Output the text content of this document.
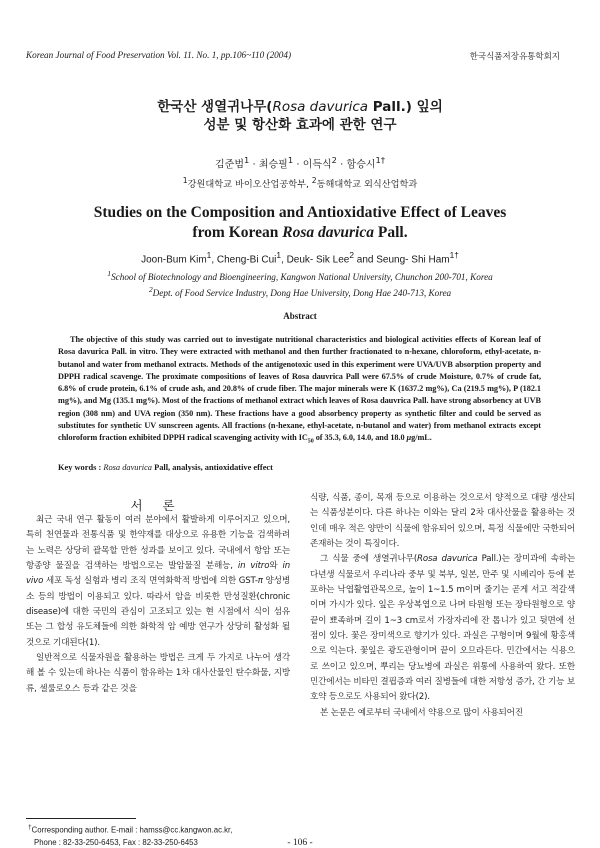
Korean Journal of Food Preservation Vol. 11. No. 1, pp.106~110 (2004)	한국식품저장유통학회지
한국산 생열귀나무(Rosa davurica Pall.) 잎의
성분 및 항산화 효과에 관한 연구
김준범$^1$ · 최승필$^1$ · 이득식$^2$ · 함승시$^{1\dagger}$
$^1$강원대학교 바이오산업공학부, $^2$동해대학교 외식산업학과
Studies on the Composition and Antioxidative Effect of Leaves
from Korean Rosa davurica Pall.
Joon-Bum Kim$^1$, Cheng-Bi Cui$^1$, Deuk- Sik Lee$^2$ and Seung- Shi Ham$^{1\dagger}$
$^1$School of Biotechnology and Bioengineering, Kangwon National University, Chunchon 200-701, Korea
$^2$Dept. of Food Service Industry, Dong Hae University, Dong Hae 240-713, Korea
Abstract
The objective of this study was carried out to investigate nutritional characteristics and biological activities effects of Korean leaf of Rosa davurica Pall. in vitro. They were extracted with methanol and then further fractionated to n-hexane, chloroform, ethyl-acetate, n-butanol and water from methanol extracts. Methods of the antigenotoxic used in this experiment were UVA/UVB absorption property and DPPH radical scavenge. The proximate compositions of leaves of Rosa dauvrica Pall were 67.5% of crude Moisture, 0.7% of crude fat, 6.8% of crude protein, 6.1% of crude ash, and 20.8% of crude fiber. The major minerals were K (1637.2 mg%), Ca (219.5 mg%), P (182.1 mg%), and Mg (135.1 mg%). Most of the fractions of methanol extract which leaves of Rosa dauvrica Pall. have strong absorbency at UVB region (308 nm) and UVA region (350 nm). These fractions have a good absorbency property as synthetic filter and could be served as substitutes for synthetic UV sunscreen agents. All fractions (n-hexane, ethyl-acetate, n-butanol and water) from methanol extracts except chloroform fraction exhibited DPPH radical scavenging activity with $IC_{50}$ of 35.3, 6.0, 14.0, and 18.0 μg/mL.
Key words : Rosa davurica Pall, analysis, antioxidative effect
서 론

최근 국내 연구 활동이 여러 분야에서 활발하게 이루어지고 있으며, 특히 천연물과 전통식품 및 한약재를 대상으로 유용한 기능을 검색하려는 노력은 상당히 괄목할 만한 성과를 보이고 있다. 국내에서 항암 또는 항종양 물질을 검색하는 방법으로는 발암물질 분해능, in vitro와 in vivo 세포 독성 실험과 병리 조직 면역화학적 방법에 의한 GST-π 양성병소 등의 방법이 이용되고 있다. 따라서 암을 비롯한 만성질환(chronic disease)에 대한 국민의 관심이 고조되고 있는 현 시점에서 식이 섬유 또는 그 합성 유도체들에 의한 화학적 암 예방 연구가 상당히 활성화 될 것으로 기대된다(1).

일반적으로 식물자원을 활용하는 방법은 크게 두 가지로 나누어 생각해 볼 수 있는데 하나는 식품이 함유하는 1차 대사산물인 탄수화물, 지방류, 셀룰로오스 등과 같은 것을

식량, 식품, 종이, 목재 등으로 이용하는 것으로서 양적으로 대량 생산되는 식품성분이다. 다른 하나는 이와는 달리 2차 대사산물을 활용하는 것인데 매우 적은 양만이 식물에 함유되어 있으며, 특정 식물에만 국한되어 존재하는 것이 특징이다.

그 식물 중에 생열귀나무(Rosa davurica Pall.)는 장미과에 속하는 다년생 식물로서 우리나라 중부 및 북부, 일본, 만주 및 시베리아 등에 분포하는 낙엽활엽관목으로, 높이 1~1.5 m이며 줄기는 곧게 서고 적갈색이며 가시가 있다. 잎은 우상복엽으로 나며 타원형 또는 장타원형으로 양끝이 뾰족하며 길이 1~3 cm로서 가장자리에 잔 톱니가 있고 뒷면에 선점이 있다. 꽃은 장미색으로 향기가 있다. 과실은 구형이며 9월에 황홍색으로 익는다. 꽃잎은 광도관형이며 끝이 오므라든다. 민간에서는 식용으로 쓰이고 있으며, 뿌리는 당뇨병에 과실은 위통에 사용하여 왔다. 또한 민간에서는 비타민 결핍증과 여러 질병들에 대한 저항성 증가, 간 기능 보호약 등으로도 사용되어 왔다(2).

본 논문은 예로부터 국내에서 약용으로 많이 사용되어진

†Corresponding author. E-mail : hamss@cc.kangwon.ac.kr,
Phone : 82-33-250-6453, Fax : 82-33-250-6453	- 106 -
